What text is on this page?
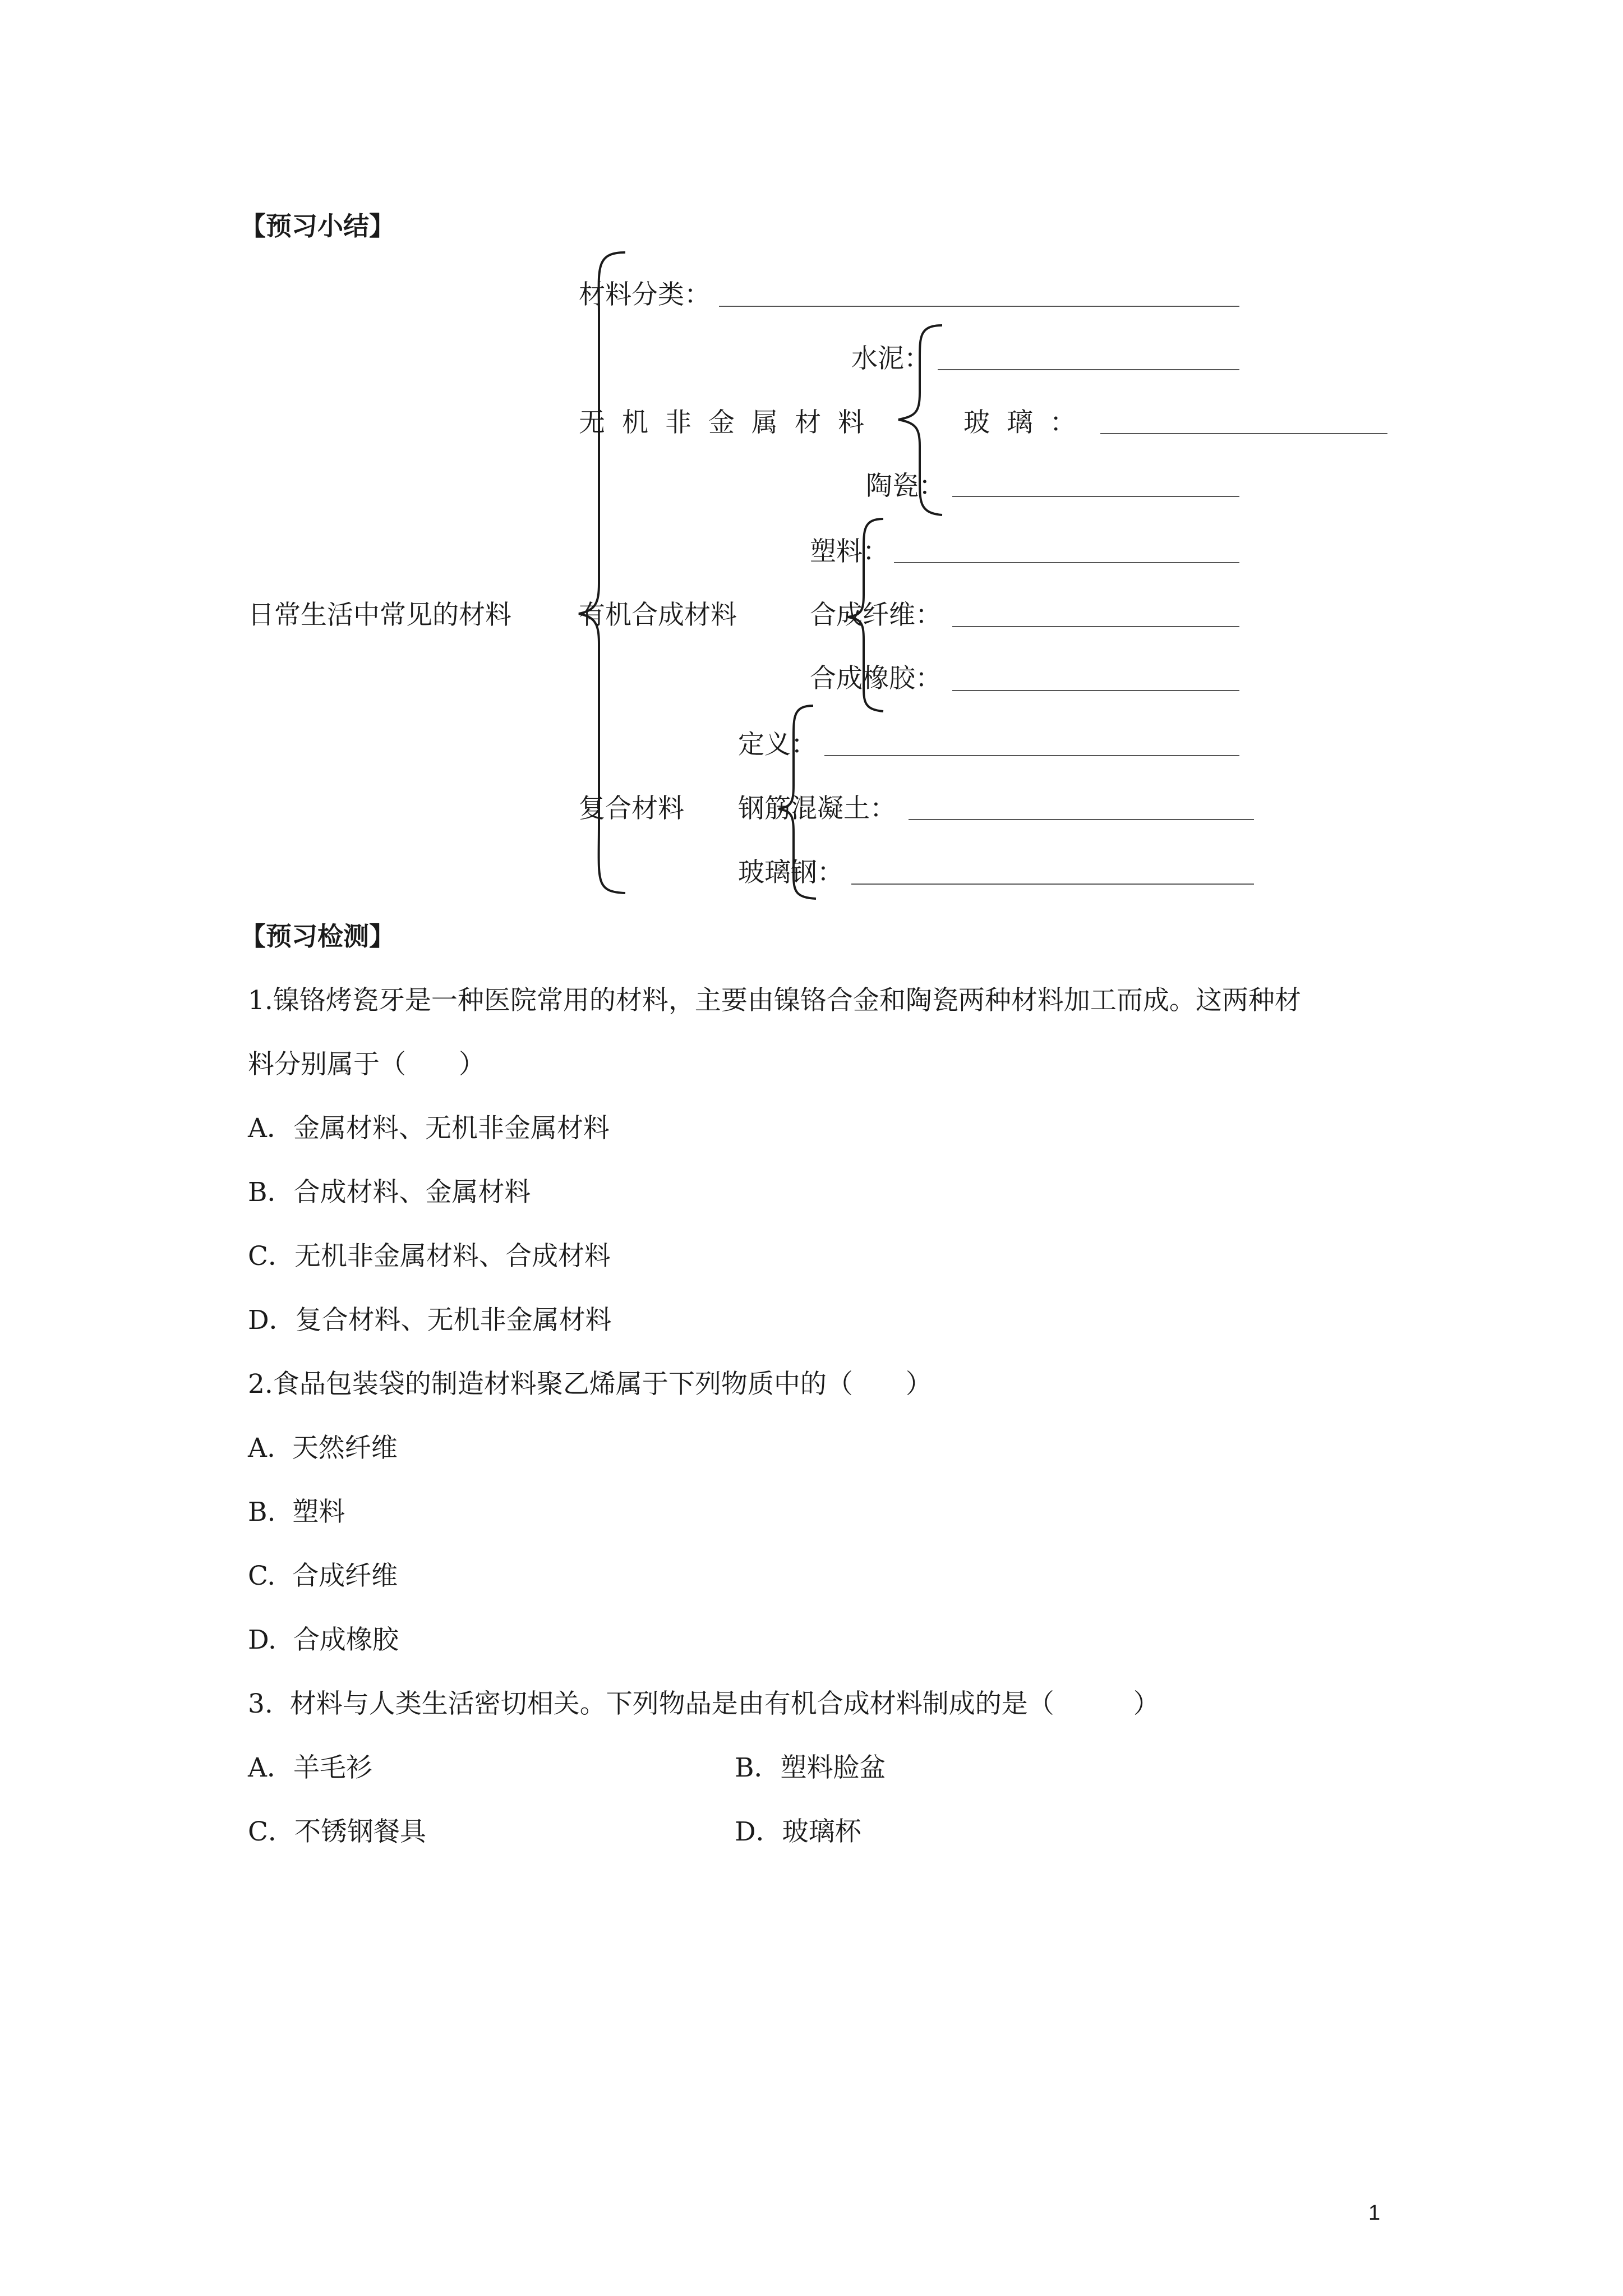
【预习小结】
日常生活中常见的材料
材料分类：
无机非金属材料
水泥：
玻  璃  ：
陶瓷：
有机合成材料
塑料：
合成纤维：
合成橡胶：
复合材料
定义：
钢筋混凝土：
玻璃钢：
【预习检测】
1.镍铬烤瓷牙是一种医院常用的材料，主要由镍铬合金和陶瓷两种材料加工而成。这两种材
料分别属于（　　）
A．金属材料、无机非金属材料
B．合成材料、金属材料
C．无机非金属材料、合成材料
D．复合材料、无机非金属材料
2.食品包装袋的制造材料聚乙烯属于下列物质中的（　　）
A.  天然纤维
B.  塑料
C.  合成纤维
D.  合成橡胶
3.  材料与人类生活密切相关。下列物品是由有机合成材料制成的是（　　　）
A．羊毛衫	B．塑料脸盆
C．不锈钢餐具	D．玻璃杯
1
